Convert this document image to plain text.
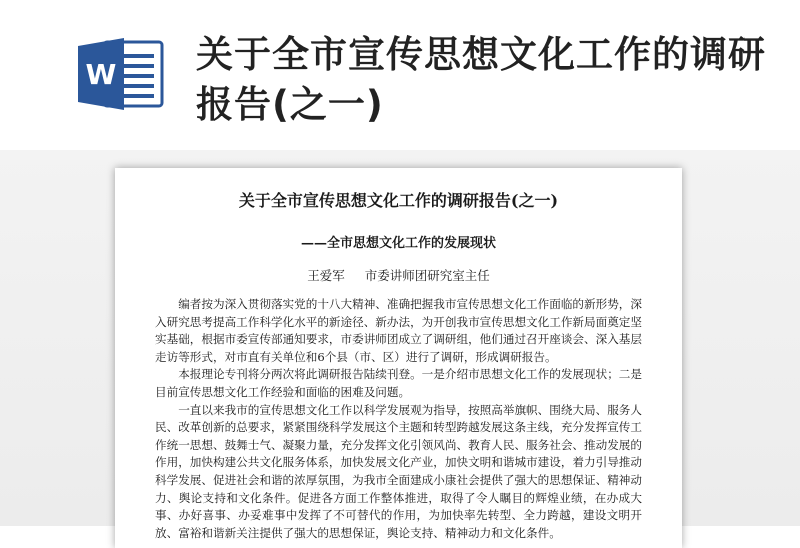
W 关于全市宣传思想文化工作的调研报告(之一)
关于全市宣传思想文化工作的调研报告(之一)
——全市思想文化工作的发展现状
王爱军 市委讲师团研究室主任

编者按为深入贯彻落实党的十八大精神、准确把握我市宣传思想文化工作面临的新形势，深入研究思考提高工作科学化水平的新途径、新办法，为开创我市宣传思想文化工作新局面奠定坚实基础，根据市委宣传部通知要求，市委讲师团成立了调研组，他们通过召开座谈会、深入基层走访等形式，对市直有关单位和6个县（市、区）进行了调研，形成调研报告。

本报理论专刊将分两次将此调研报告陆续刊登。一是介绍市思想文化工作的发展现状；二是目前宣传思想文化工作经验和面临的困难及问题。

一直以来我市的宣传思想文化工作以科学发展观为指导，按照高举旗帜、围绕大局、服务人民、改革创新的总要求，紧紧围绕科学发展这个主题和转型跨越发展这条主线，充分发挥宣传工作统一思想、鼓舞士气、凝聚力量，充分发挥文化引领风尚、教育人民、服务社会、推动发展的作用，加快构建公共文化服务体系，加快发展文化产业，加快文明和谐城市建设，着力引导推动科学发展、促进社会和谐的浓厚氛围，为我市全面建成小康社会提供了强大的思想保证、精神动力、舆论支持和文化条件。促进各方面工作整体推进，取得了令人瞩目的辉煌业绩，在办成大事、办好喜事、办妥难事中发挥了不可替代的作用，为加快率先转型、全力跨越，建设文明开放、富裕和谐新关注提供了强大的思想保证，舆论支持、精神动力和文化条件。
